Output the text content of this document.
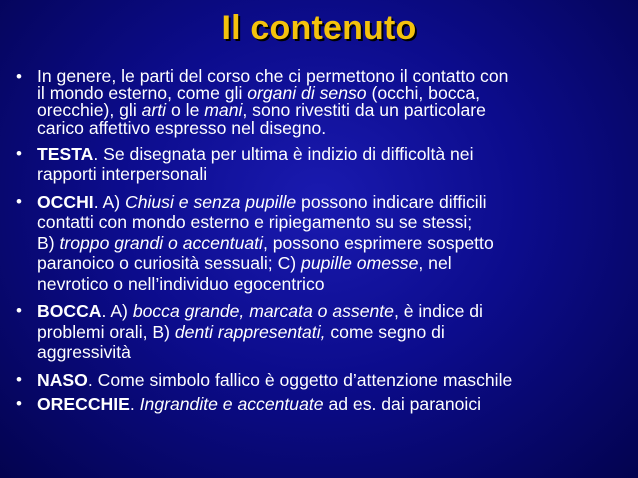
Il contenuto
• In genere, le parti del corso che ci permettono il contatto con
il mondo esterno, come gli organi di senso (occhi, bocca,
orecchie), gli arti o le mani, sono rivestiti da un particolare
carico affettivo espresso nel disegno.
• TESTA. Se disegnata per ultima è indizio di difficoltà nei
rapporti interpersonali
• OCCHI. A) Chiusi e senza pupille possono indicare difficili
contatti con mondo esterno e ripiegamento su se stessi;
B) troppo grandi o accentuati, possono esprimere sospetto
paranoico o curiosità sessuali; C) pupille omesse, nel
nevrotico o nell’individuo egocentrico
• BOCCA. A) bocca grande, marcata o assente, è indice di
problemi orali, B) denti rappresentati, come segno di
aggressività
• NASO. Come simbolo fallico è oggetto d’attenzione maschile
• ORECCHIE. Ingrandite e accentuate ad es. dai paranoici
